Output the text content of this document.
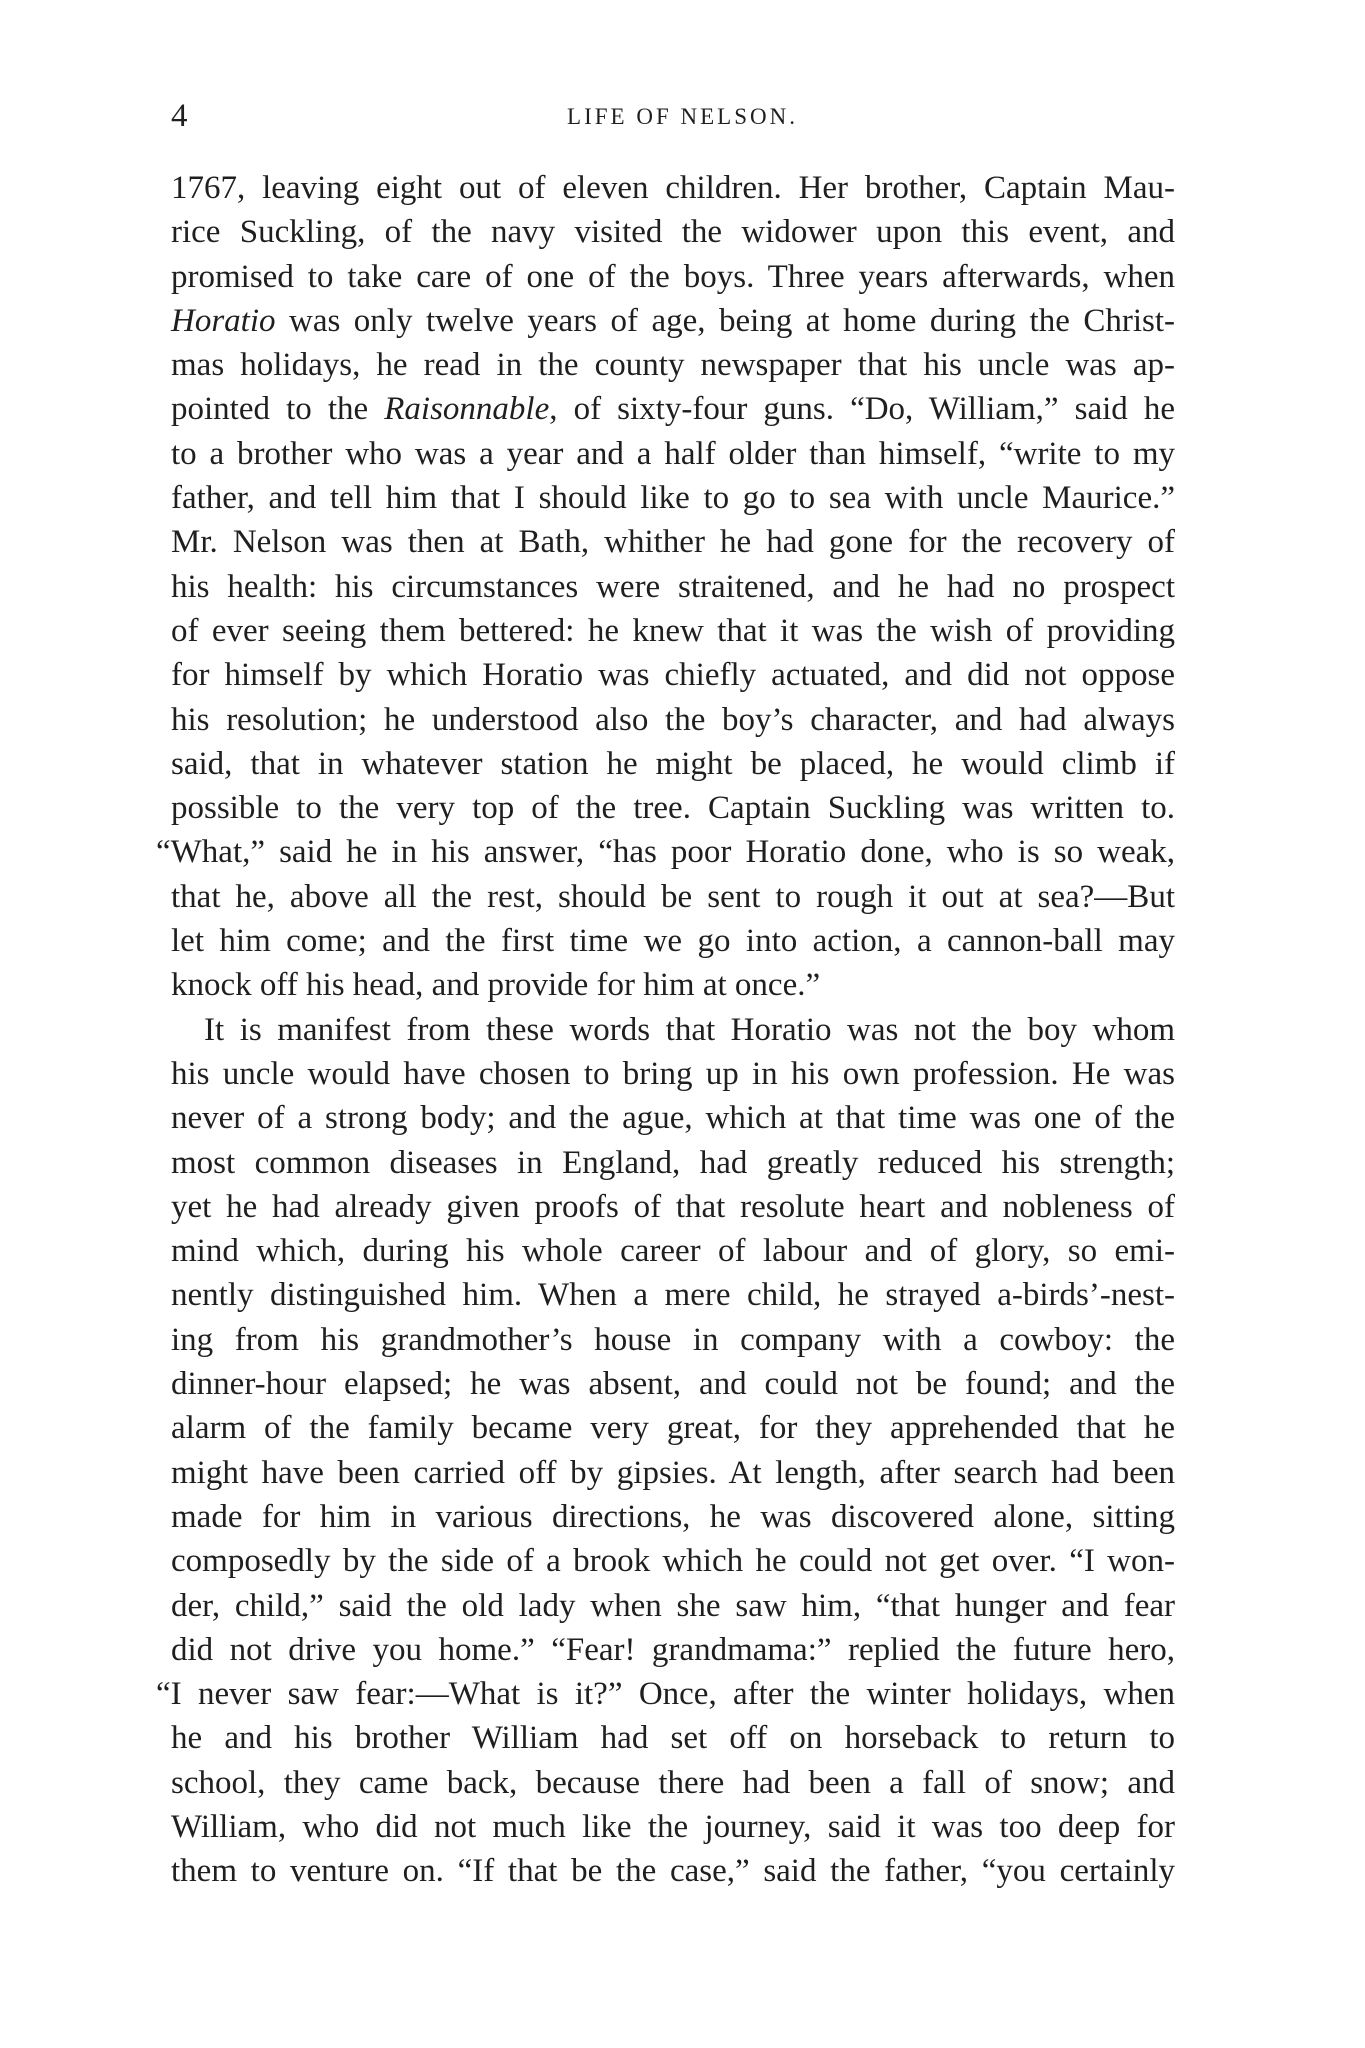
4	LIFE OF NELSON.
1767, leaving eight out of eleven children. Her brother, Captain Mau-
rice Suckling, of the navy visited the widower upon this event, and
promised to take care of one of the boys. Three years afterwards, when
Horatio was only twelve years of age, being at home during the Christ-
mas holidays, he read in the county newspaper that his uncle was ap-
pointed to the Raisonnable, of sixty-four guns. “Do, William,” said he
to a brother who was a year and a half older than himself, “write to my
father, and tell him that I should like to go to sea with uncle Maurice.”
Mr. Nelson was then at Bath, whither he had gone for the recovery of
his health: his circumstances were straitened, and he had no prospect
of ever seeing them bettered: he knew that it was the wish of providing
for himself by which Horatio was chiefly actuated, and did not oppose
his resolution; he understood also the boy’s character, and had always
said, that in whatever station he might be placed, he would climb if
possible to the very top of the tree. Captain Suckling was written to.
“What,” said he in his answer, “has poor Horatio done, who is so weak,
that he, above all the rest, should be sent to rough it out at sea?—But
let him come; and the first time we go into action, a cannon-ball may
knock off his head, and provide for him at once.”
It is manifest from these words that Horatio was not the boy whom
his uncle would have chosen to bring up in his own profession. He was
never of a strong body; and the ague, which at that time was one of the
most common diseases in England, had greatly reduced his strength;
yet he had already given proofs of that resolute heart and nobleness of
mind which, during his whole career of labour and of glory, so emi-
nently distinguished him. When a mere child, he strayed a-birds’-nest-
ing from his grandmother’s house in company with a cowboy: the
dinner-hour elapsed; he was absent, and could not be found; and the
alarm of the family became very great, for they apprehended that he
might have been carried off by gipsies. At length, after search had been
made for him in various directions, he was discovered alone, sitting
composedly by the side of a brook which he could not get over. “I won-
der, child,” said the old lady when she saw him, “that hunger and fear
did not drive you home.” “Fear! grandmama:” replied the future hero,
“I never saw fear:—What is it?” Once, after the winter holidays, when
he and his brother William had set off on horseback to return to
school, they came back, because there had been a fall of snow; and
William, who did not much like the journey, said it was too deep for
them to venture on. “If that be the case,” said the father, “you certainly
